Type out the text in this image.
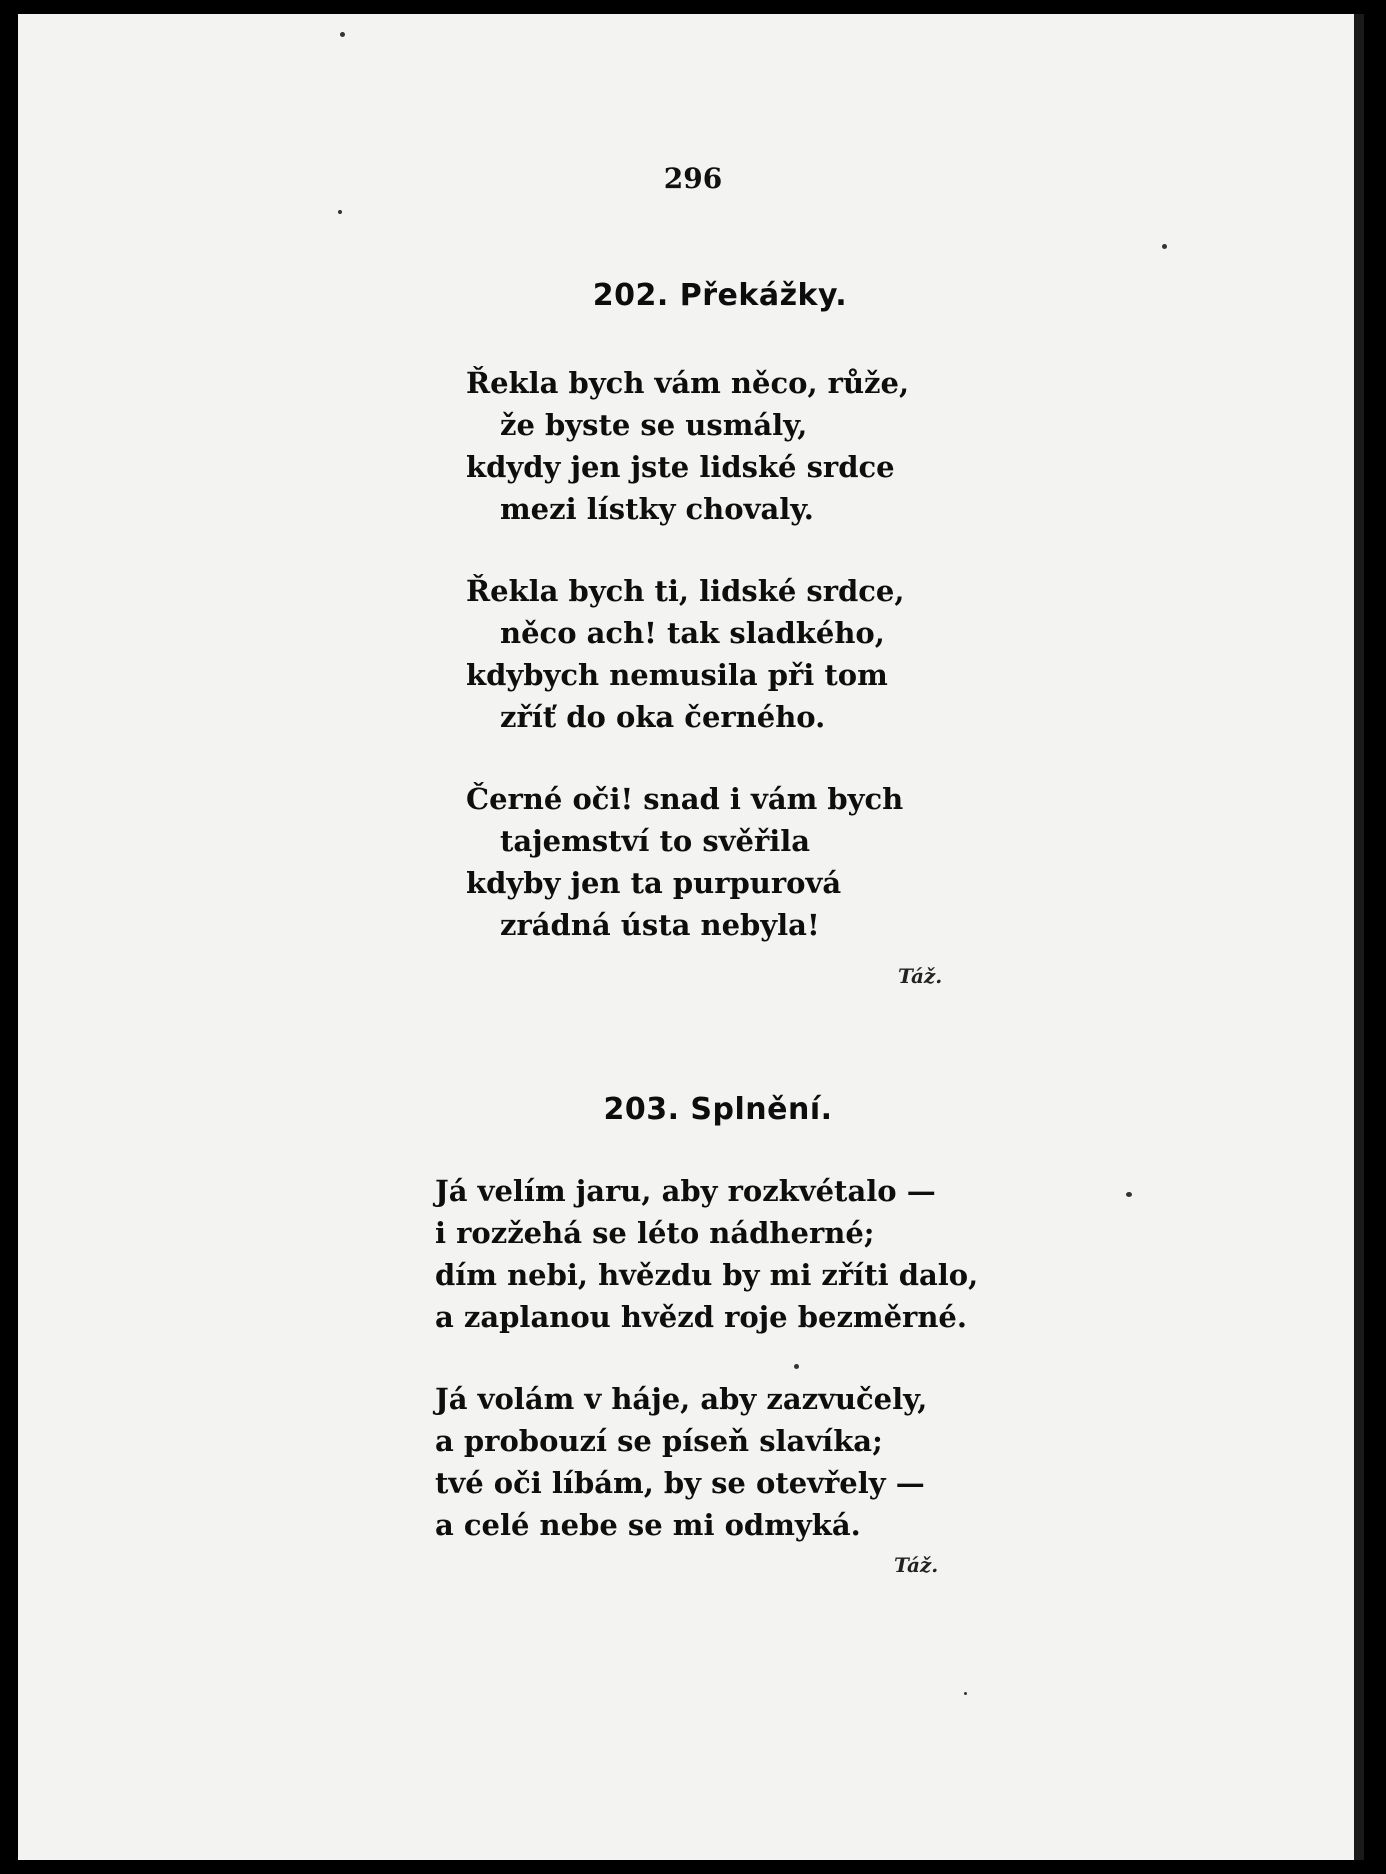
296
202. Překážky.
Řekla bych vám něco, růže,
že byste se usmály,
kdydy jen jste lidské srdce
mezi lístky chovaly.
Řekla bych ti, lidské srdce,
něco ach! tak sladkého,
kdybych nemusila při tom
zříť do oka černého.
Černé oči! snad i vám bych
tajemství to svěřila
kdyby jen ta purpurová
zrádná ústa nebyla!
Táž.
203. Splnění.
Já velím jaru, aby rozkvétalo —
i rozžehá se léto nádherné;
dím nebi, hvězdu by mi zříti dalo,
a zaplanou hvězd roje bezměrné.
Já volám v háje, aby zazvučely,
a probouzí se píseň slavíka;
tvé oči líbám, by se otevřely —
a celé nebe se mi odmyká.
Táž.
